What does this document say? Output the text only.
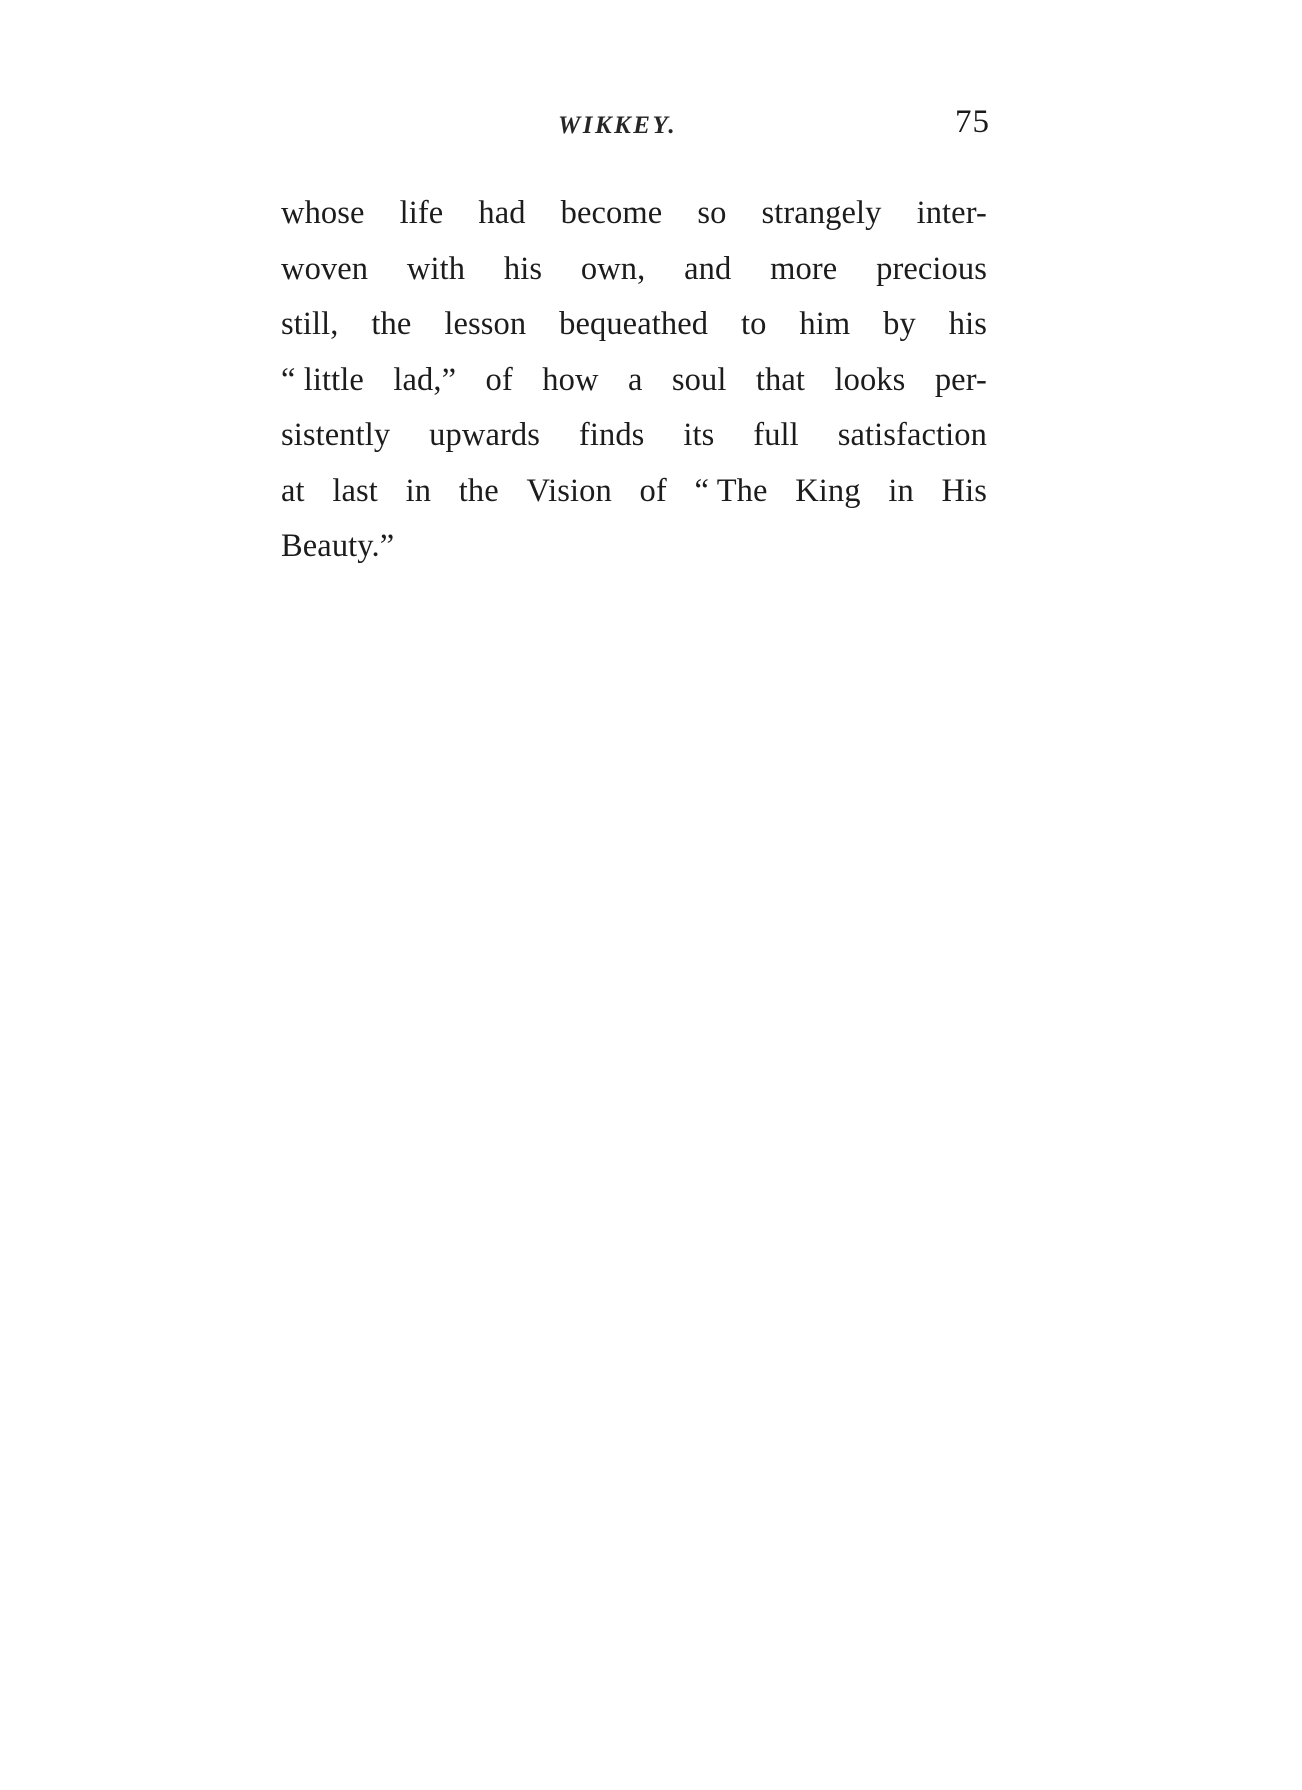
WIKKEY.	75
whose life had become so strangely inter-
woven with his own, and more precious
still, the lesson bequeathed to him by his
“ little lad,” of how a soul that looks per-
sistently upwards finds its full satisfaction
at last in the Vision of “ The King in His
Beauty.”
